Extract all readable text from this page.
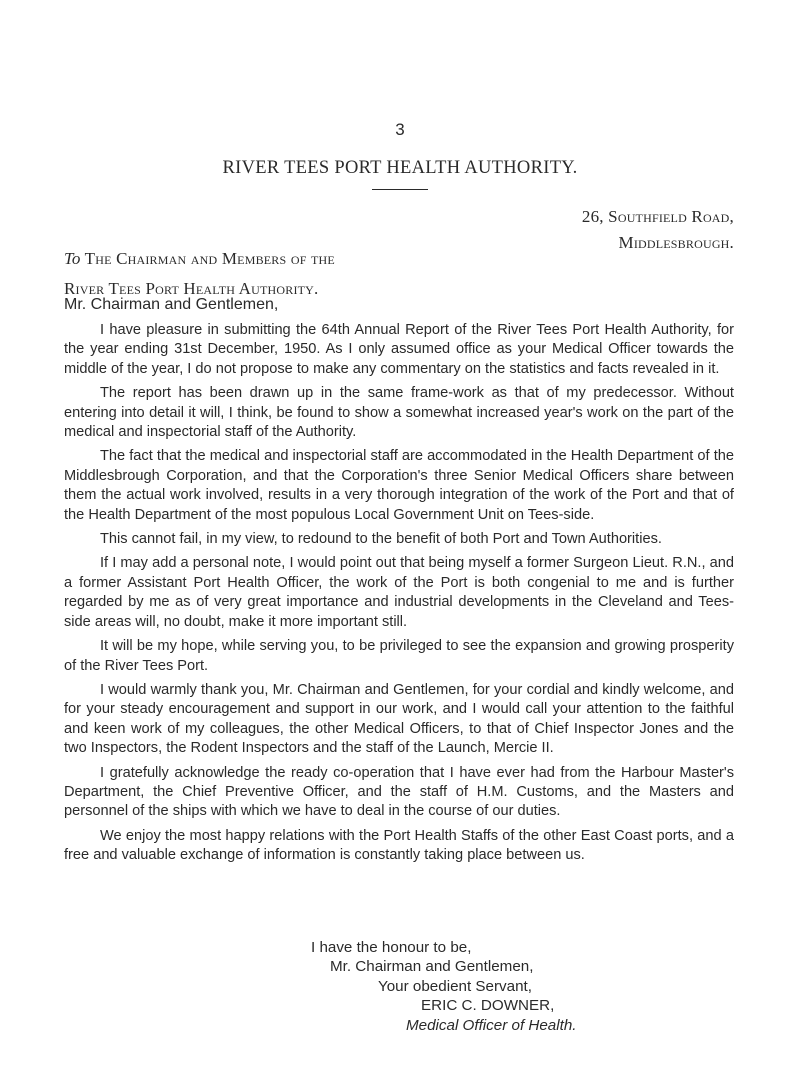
3
RIVER TEES PORT HEALTH AUTHORITY.
26, Southfield Road,
Middlesbrough.
To The Chairman and Members of the
River Tees Port Health Authority.
Mr. Chairman and Gentlemen,

I have pleasure in submitting the 64th Annual Report of the River Tees Port Health Authority, for the year ending 31st December, 1950. As I only assumed office as your Medical Officer towards the middle of the year, I do not propose to make any commentary on the statistics and facts revealed in it.

The report has been drawn up in the same frame-work as that of my predecessor. Without entering into detail it will, I think, be found to show a somewhat increased year's work on the part of the medical and inspectorial staff of the Authority.

The fact that the medical and inspectorial staff are accommodated in the Health Department of the Middlesbrough Corporation, and that the Corporation's three Senior Medical Officers share between them the actual work involved, results in a very thorough integration of the work of the Port and that of the Health Department of the most populous Local Government Unit on Tees-side.

This cannot fail, in my view, to redound to the benefit of both Port and Town Authorities.

If I may add a personal note, I would point out that being myself a former Surgeon Lieut. R.N., and a former Assistant Port Health Officer, the work of the Port is both congenial to me and is further regarded by me as of very great importance and industrial developments in the Cleveland and Tees-side areas will, no doubt, make it more important still.

It will be my hope, while serving you, to be privileged to see the expansion and growing prosperity of the River Tees Port.

I would warmly thank you, Mr. Chairman and Gentlemen, for your cordial and kindly welcome, and for your steady encouragement and support in our work, and I would call your attention to the faithful and keen work of my colleagues, the other Medical Officers, to that of Chief Inspector Jones and the two Inspectors, the Rodent Inspectors and the staff of the Launch, Mercie II.

I gratefully acknowledge the ready co-operation that I have ever had from the Harbour Master's Department, the Chief Preventive Officer, and the staff of H.M. Customs, and the Masters and personnel of the ships with which we have to deal in the course of our duties.

We enjoy the most happy relations with the Port Health Staffs of the other East Coast ports, and a free and valuable exchange of information is constantly taking place between us.

I have the honour to be,
Mr. Chairman and Gentlemen,
Your obedient Servant,
ERIC C. DOWNER,
Medical Officer of Health.
